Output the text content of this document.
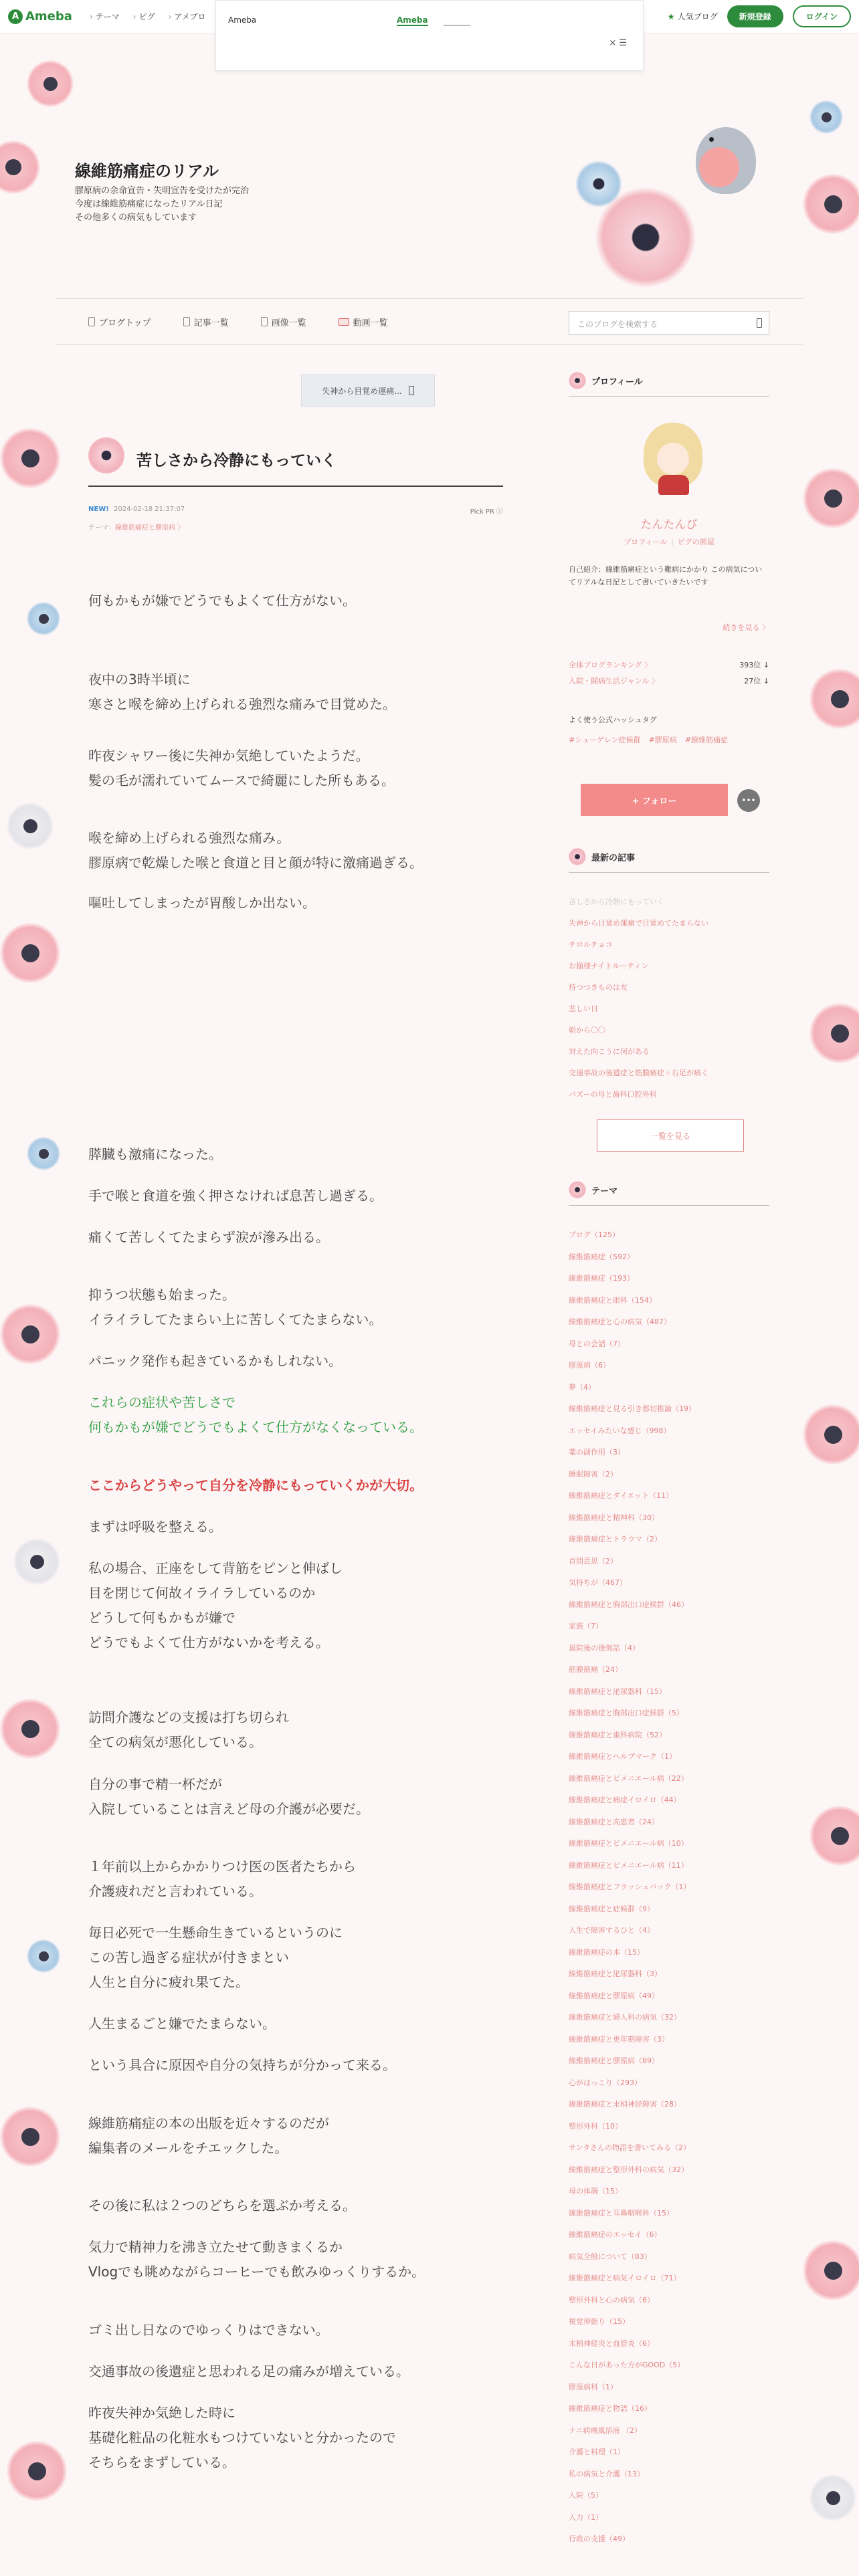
A Ameba	› テーマ	› ピグ	› アメブロ	★ 人気ブログ	新規登録	ログイン
Ameba	Ameba
× ☰
線維筋痛症のリアル
膠原病の余命宣告・失明宣告を受けたが完治
今度は線維筋痛症になったリアル日記
その他多くの病気もしています
ブログトップ	記事一覧	画像一覧	動画一覧	このブログを検索する
失神から目覚め運痛...
苦しさから冷静にもっていく
NEW! 2024-02-18 21:37:07	Pick PR ⓘ
テーマ：線維筋痛症と膠原病 〉

何もかもが嫌でどうでもよくて仕方がない。

夜中の3時半頃に

寒さと喉を締め上げられる強烈な痛みで目覚めた。

昨夜シャワー後に失神か気絶していたようだ。

髪の毛が濡れていてムースで綺麗にした所もある。

喉を締め上げられる強烈な痛み。

膠原病で乾燥した喉と食道と目と顔が特に激痛過ぎる。

嘔吐してしまったが胃酸しか出ない。

膵臓も激痛になった。

手で喉と食道を強く押さなければ息苦し過ぎる。

痛くて苦しくてたまらず涙が滲み出る。

抑うつ状態も始まった。

イライラしてたまらい上に苦しくてたまらない。

パニック発作も起きているかもしれない。

これらの症状や苦しさで

何もかもが嫌でどうでもよくて仕方がなくなっている。

ここからどうやって自分を冷静にもっていくかが大切。

まずは呼吸を整える。

私の場合、正座をして背筋をピンと伸ばし

目を閉じて何故イライラしているのか

どうして何もかもが嫌で

どうでもよくて仕方がないかを考える。

訪問介護などの支援は打ち切られ

全ての病気が悪化している。

自分の事で精一杯だが

入院していることは言えど母の介護が必要だ。

１年前以上からかかりつけ医の医者たちから

介護疲れだと言われている。

毎日必死で一生懸命生きているというのに

この苦し過ぎる症状が付きまとい

人生と自分に疲れ果てた。

人生まるごと嫌でたまらない。

という具合に原因や自分の気持ちが分かって来る。

線維筋痛症の本の出版を近々するのだが

編集者のメールをチエックした。

その後に私は２つのどちらを選ぶか考える。

気力で精神力を沸き立たせて動きまくるか

Vlogでも眺めながらコーヒーでも飲みゆっくりするか。

ゴミ出し日なのでゆっくりはできない。

交通事故の後遺症と思われる足の痛みが増えている。

昨夜失神か気絶した時に

基礎化粧品の化粧水もつけていないと分かったので

そちらをまずしている。

プロフィール
たんたんび
プロフィール | ピグの部屋
自己紹介：線維筋痛症という難病にかかり この病気についてリアルな日記として書いていきたいです
続きを見る 〉
全体ブログランキング 〉	393位 ↓
入院・闘病生活ジャンル 〉	27位 ↓
よく使う公式ハッシュタグ
#シューゲレン症候群 #膠原病 #線維筋痛症
+ フォロー	•••
最新の記事
苦しさから冷静にもっていく
失神から目覚め運痛で目覚めてたまらない
チロルチョコ
お揃様ナイトルーティン
持つつきものは友
悲しい日
朝から〇〇
対えた向こうに何がある
交通事故の後遺症と筋膜痛症＋右足が痛く
パズーの母と歯科口腔外科
一覧を見る
テーマ
ブログ（125）
線維筋痛症（592）
線維筋痛症（193）
線維筋痛症と眼科（154）
線維筋痛症と心の病気（487）
母との会話（7）
膠原病（6）
夢（4）
線維筋痛症と見る引き都切推論（19）
エッセイみたいな感じ（998）
薬の副作用（3）
睡眠障害（2）
線維筋痛症とダイエット（11）
線維筋痛症と精神科（30）
線維筋痛症とトラウマ（2）
首間意思（2）
気持ちが（467）
線維筋痛症と胸部出口症候群（46）
家族（7）
退院後の後悔話（4）
筋膜筋痛（24）
線維筋痛症と泌尿器科（15）
線維筋痛症と胸部出口症候群（5）
線維筋痛症と歯科病院（52）
線維筋痛症とヘルプマーク（1）
線維筋痛症とビメニエール病（22）
線維筋痛症と痛症イロイロ（44）
線維筋痛症と高恵者（24）
線維筋痛症とビメニエール病（10）
線維筋痛症とビメニエール病（11）
線維筋痛症とフラッシュバック（1）
線維筋痛症と症候群（9）
入生で障害するひと（4）
線維筋痛症の本（15）
線維筋痛症と泌尿器科（3）
線維筋痛症と膠原病（49）
線維筋痛症と婦人科の病気（32）
線維筋痛症と更年期障害（3）
線維筋痛症と膠原病（89）
心がほっこり（293）
線維筋痛症と末梢神経障害（28）
整形外科（10）
サンタさんの物語を書いてみる（2）
線維筋痛症と整形外科の病気（32）
母の体調（15）
線維筋痛症と耳鼻咽喉科（15）
線維筋痛症のエッセイ（6）
病気全般について（83）
線維筋痛症と病気イロイロ（71）
整形外科と心の病気（6）
視覚伸縮り（15）
末梢神経炎と血管炎（6）
こんな日があった方がGOOD（5）
膠原病科（1）
線維筋痛症と物語（16）
ナニ病痛風溶液 （2）
介護と料理（1）
私の病気と介護（13）
入院（5）
入力（1）
行政の支援（49）
